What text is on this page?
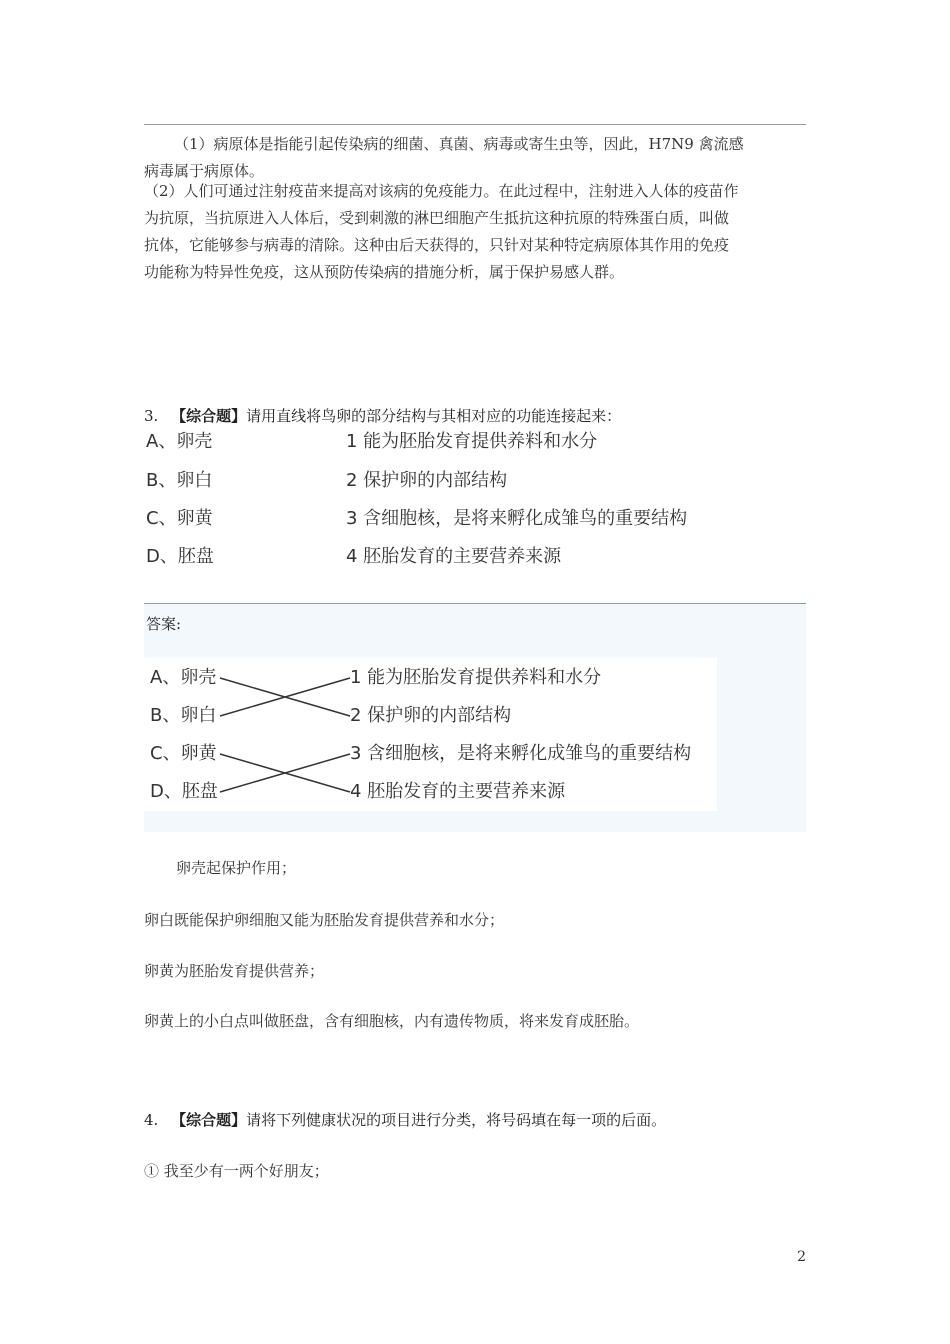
（1）病原体是指能引起传染病的细菌、真菌、病毒或寄生虫等，因此，H7N9 禽流感
病毒属于病原体。
（2）人们可通过注射疫苗来提高对该病的免疫能力。在此过程中，注射进入人体的疫苗作
为抗原，当抗原进入人体后，受到刺激的淋巴细胞产生抵抗这种抗原的特殊蛋白质，叫做
抗体，它能够参与病毒的清除。这种由后天获得的，只针对某种特定病原体其作用的免疫
功能称为特异性免疫，这从预防传染病的措施分析，属于保护易感人群。
3. 【综合题】请用直线将鸟卵的部分结构与其相对应的功能连接起来：
A、卵壳
B、卵白
C、卵黄
D、胚盘
1 能为胚胎发育提供养料和水分
2 保护卵的内部结构
3 含细胞核，是将来孵化成雏鸟的重要结构
4 胚胎发育的主要营养来源
答案:
A、卵壳
B、卵白
C、卵黄
D、胚盘
1 能为胚胎发育提供养料和水分
2 保护卵的内部结构
3 含细胞核，是将来孵化成雏鸟的重要结构
4 胚胎发育的主要营养来源
卵壳起保护作用；
卵白既能保护卵细胞又能为胚胎发育提供营养和水分；
卵黄为胚胎发育提供营养；
卵黄上的小白点叫做胚盘，含有细胞核，内有遗传物质，将来发育成胚胎。
4. 【综合题】请将下列健康状况的项目进行分类，将号码填在每一项的后面。
① 我至少有一两个好朋友；
2
